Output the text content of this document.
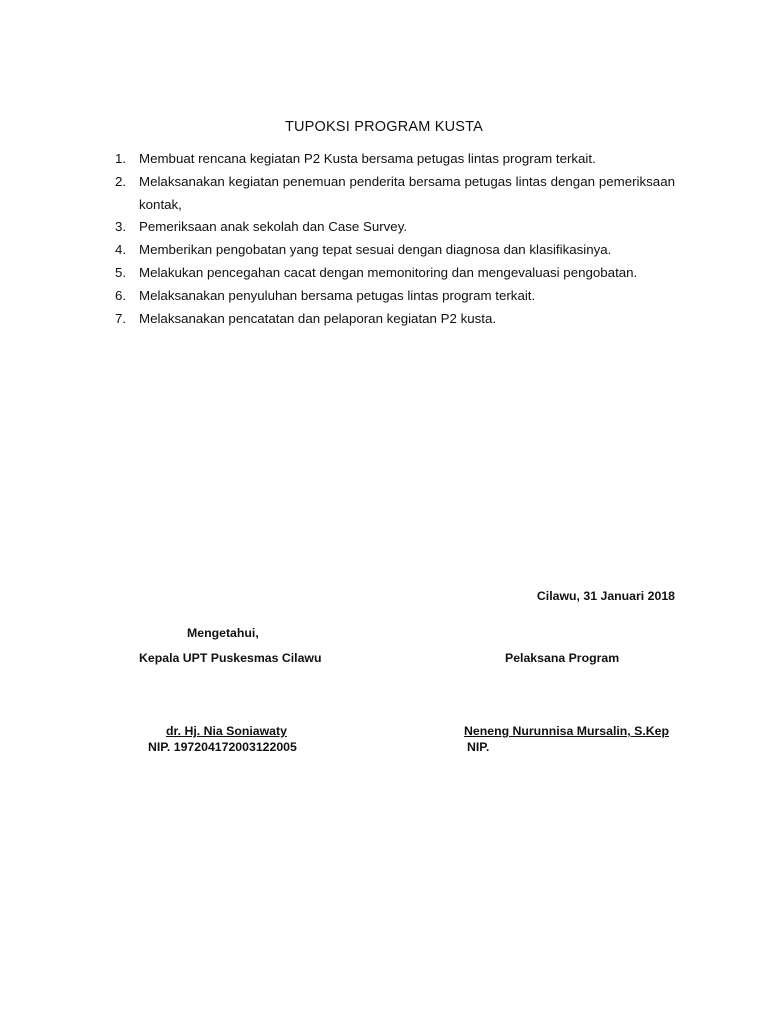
TUPOKSI PROGRAM KUSTA
1. Membuat rencana kegiatan P2 Kusta bersama petugas lintas program terkait.
2. Melaksanakan kegiatan penemuan penderita bersama petugas lintas dengan pemeriksaan kontak,
3. Pemeriksaan anak sekolah dan Case Survey.
4. Memberikan pengobatan yang tepat sesuai dengan diagnosa dan klasifikasinya.
5. Melakukan pencegahan cacat dengan memonitoring dan mengevaluasi pengobatan.
6. Melaksanakan penyuluhan bersama petugas lintas program terkait.
7. Melaksanakan pencatatan dan pelaporan kegiatan P2 kusta.
Cilawu, 31 Januari 2018
Mengetahui,
Kepala UPT Puskesmas Cilawu	Pelaksana Program
dr. Hj. Nia Soniawaty	Neneng Nurunnisa Mursalin, S.Kep
NIP. 197204172003122005	NIP.
